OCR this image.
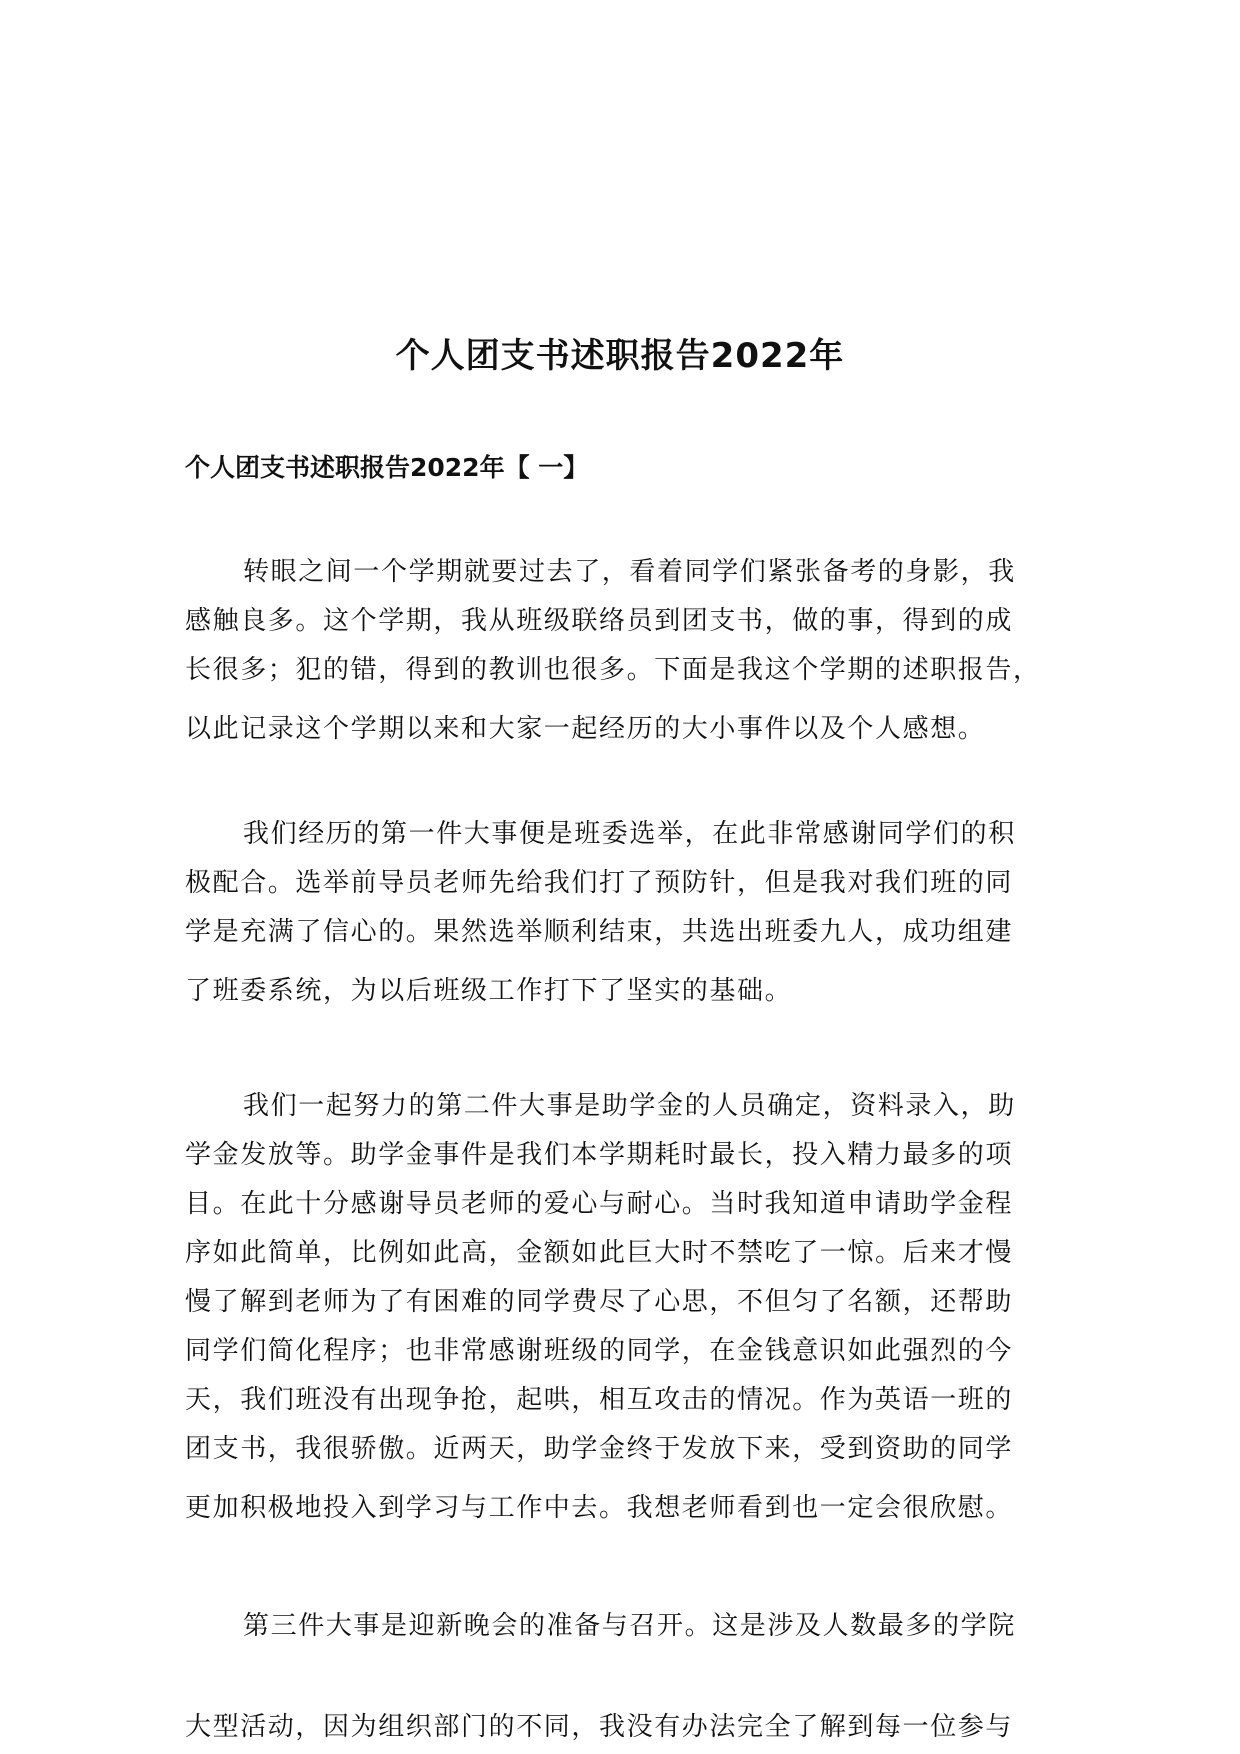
个人团支书述职报告2022年
个人团支书述职报告2022年【 一】
转眼之间一个学期就要过去了，看着同学们紧张备考的身影，我
感触良多。这个学期，我从班级联络员到团支书，做的事，得到的成
长很多；犯的错，得到的教训也很多。下面是我这个学期的述职报告，
以此记录这个学期以来和大家一起经历的大小事件以及个人感想。
我们经历的第一件大事便是班委选举，在此非常感谢同学们的积
极配合。选举前导员老师先给我们打了预防针，但是我对我们班的同
学是充满了信心的。果然选举顺利结束，共选出班委九人，成功组建
了班委系统，为以后班级工作打下了坚实的基础。
我们一起努力的第二件大事是助学金的人员确定，资料录入，助
学金发放等。助学金事件是我们本学期耗时最长，投入精力最多的项
目。在此十分感谢导员老师的爱心与耐心。当时我知道申请助学金程
序如此简单，比例如此高，金额如此巨大时不禁吃了一惊。后来才慢
慢了解到老师为了有困难的同学费尽了心思，不但匀了名额，还帮助
同学们简化程序；也非常感谢班级的同学，在金钱意识如此强烈的今
天，我们班没有出现争抢，起哄，相互攻击的情况。作为英语一班的
团支书，我很骄傲。近两天，助学金终于发放下来，受到资助的同学
更加积极地投入到学习与工作中去。我想老师看到也一定会很欣慰。
第三件大事是迎新晚会的准备与召开。这是涉及人数最多的学院
大型活动，因为组织部门的不同，我没有办法完全了解到每一位参与
